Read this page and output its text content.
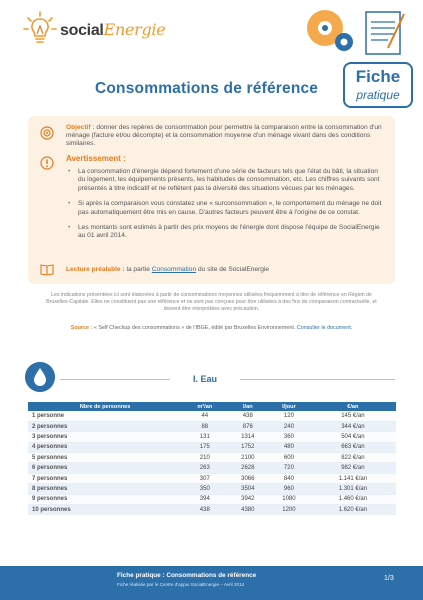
socialEnergie
Consommations de référence
Fiche
pratique
Objectif : donner des repères de consommation pour permettre la comparaison entre la consommation d'un ménage (facture et/ou décompte) et la consommation moyenne d'un ménage vivant dans des conditions similaires.
Avertissement :
• La consommation d'énergie dépend fortement d'une série de facteurs tels que l'état du bâti, la situation du logement, les équipements présents, les habitudes de consommation, etc. Les chiffres suivants sont présentés à titre indicatif et ne reflètent pas la diversité des situations vécues par les ménages.
• Si après la comparaison vous constatez une « surconsommation », le comportement du ménage ne doit pas automatiquement être mis en cause. D'autres facteurs peuvent être à l'origine de ce constat.
• Les montants sont estimés à partir des prix moyens de l'énergie dont dispose l'équipe de SocialEnergie au 01 avril 2014.
Lecture préalable : la partie Consommation du site de SocialEnergie
Les indications présentées ici sont élaborées à partir de consommations moyennes utilisées fréquemment à titre de référence en Région de Bruxelles-Capitale. Elles ne constituent pas une référence et ne sont pas conçues pour être utilisées à des fins de comparaison contractuelle, et doivent être interprétées avec précaution.
Source : « Self Checkup des consommations » de l'IBGE, édité par Bruxelles Environnement. Consulter le document.
I. Eau
Nbre de personnes	m³/an	l/an	l/jour	€/an
1 personne	44	438	120	145 €/an
2 personnes	88	876	240	344 €/an
3 personnes	131	1314	360	504 €/an
4 personnes	175	1752	480	663 €/an
5 personnes	210	2100	600	822 €/an
6 personnes	263	2628	720	982 €/an
7 personnes	307	3066	840	1.141 €/an
8 personnes	350	3504	960	1.301 €/an
9 personnes	394	3942	1080	1.460 €/an
10 personnes	438	4380	1200	1.620 €/an
Fiche pratique : Consommations de référence
Fiche réalisée par le Centre d'appui SocialEnergie – Avril 2014
1/3
